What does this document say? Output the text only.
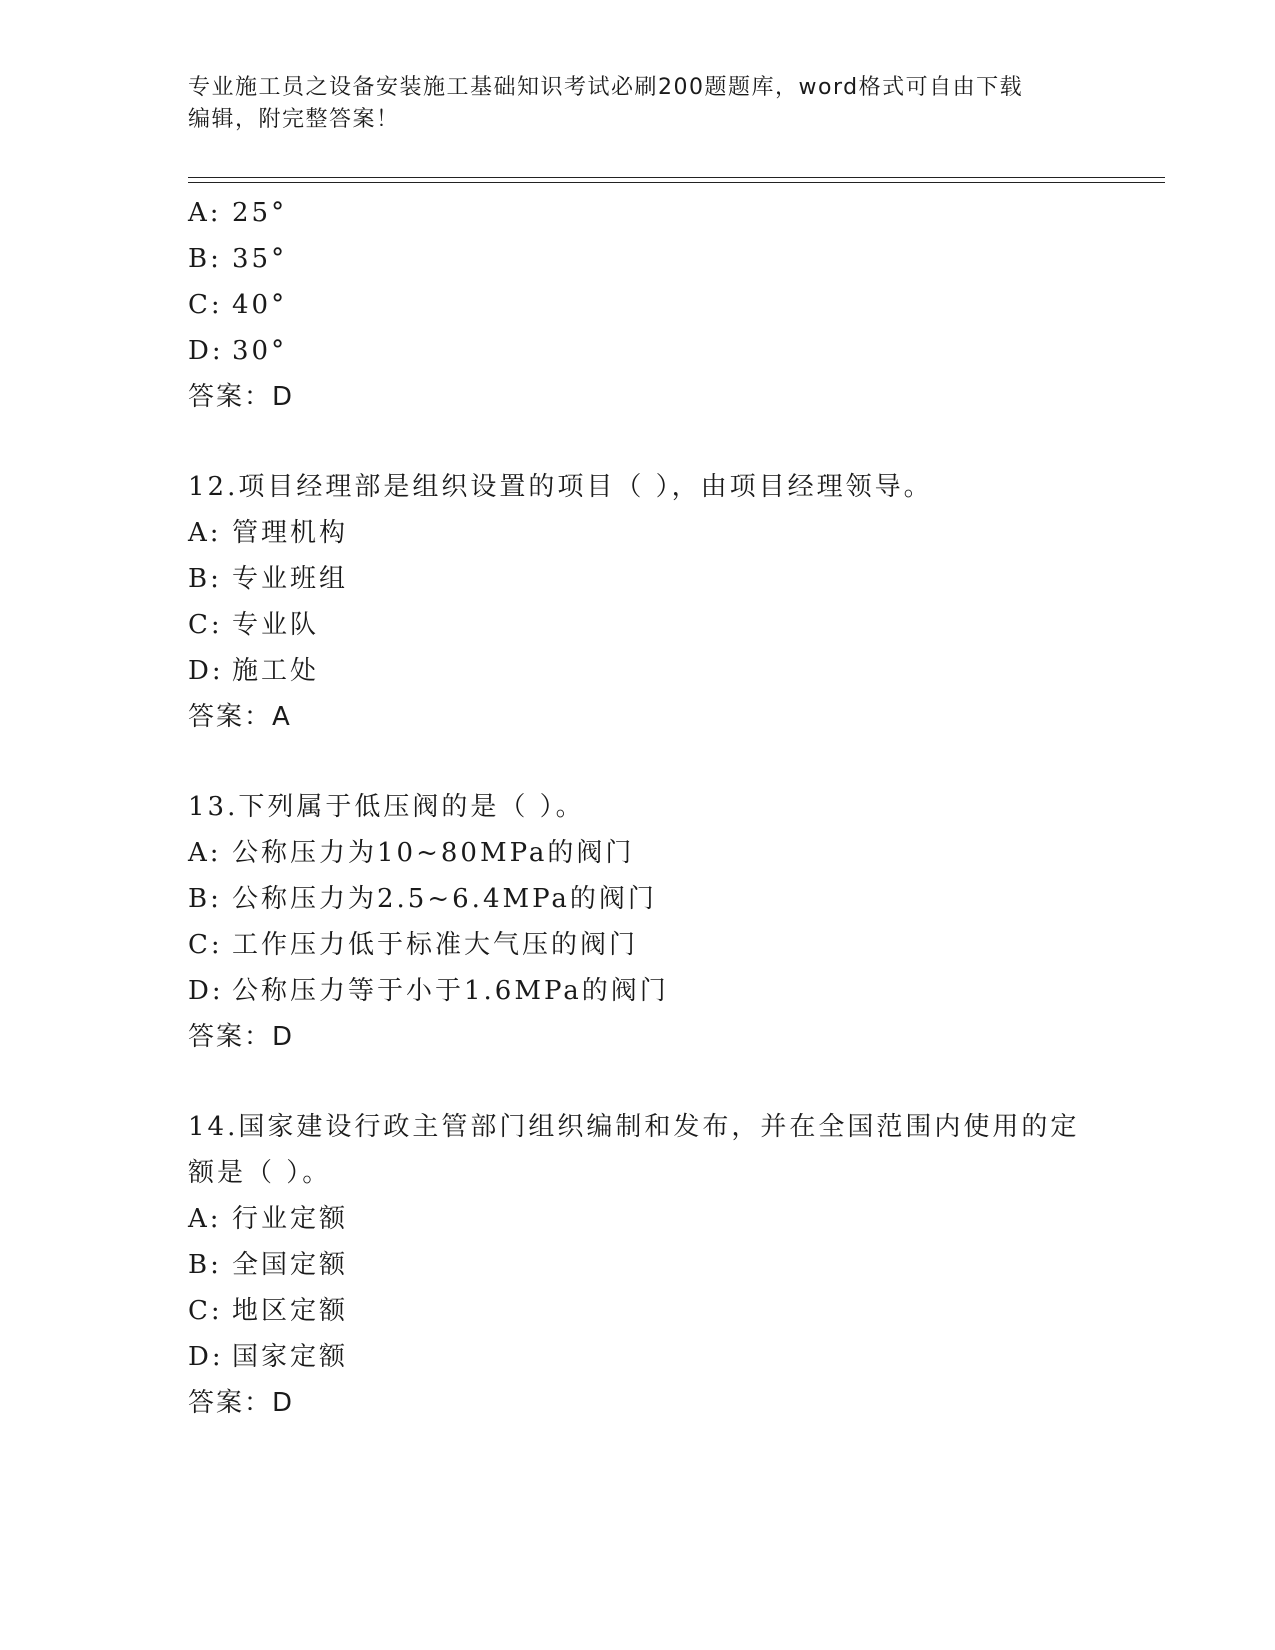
专业施工员之设备安装施工基础知识考试必刷200题题库，word格式可自由下载
编辑，附完整答案！
A: 25°
B: 35°
C: 40°
D: 30°
答案：D
12.项目经理部是组织设置的项目（ ），由项目经理领导。
A: 管理机构
B: 专业班组
C: 专业队
D: 施工处
答案：A
13.下列属于低压阀的是（ ）。
A: 公称压力为10~80MPa的阀门
B: 公称压力为2.5~6.4MPa的阀门
C: 工作压力低于标准大气压的阀门
D: 公称压力等于小于1.6MPa的阀门
答案：D
14.国家建设行政主管部门组织编制和发布，并在全国范围内使用的定
额是（ ）。
A: 行业定额
B: 全国定额
C: 地区定额
D: 国家定额
答案：D
